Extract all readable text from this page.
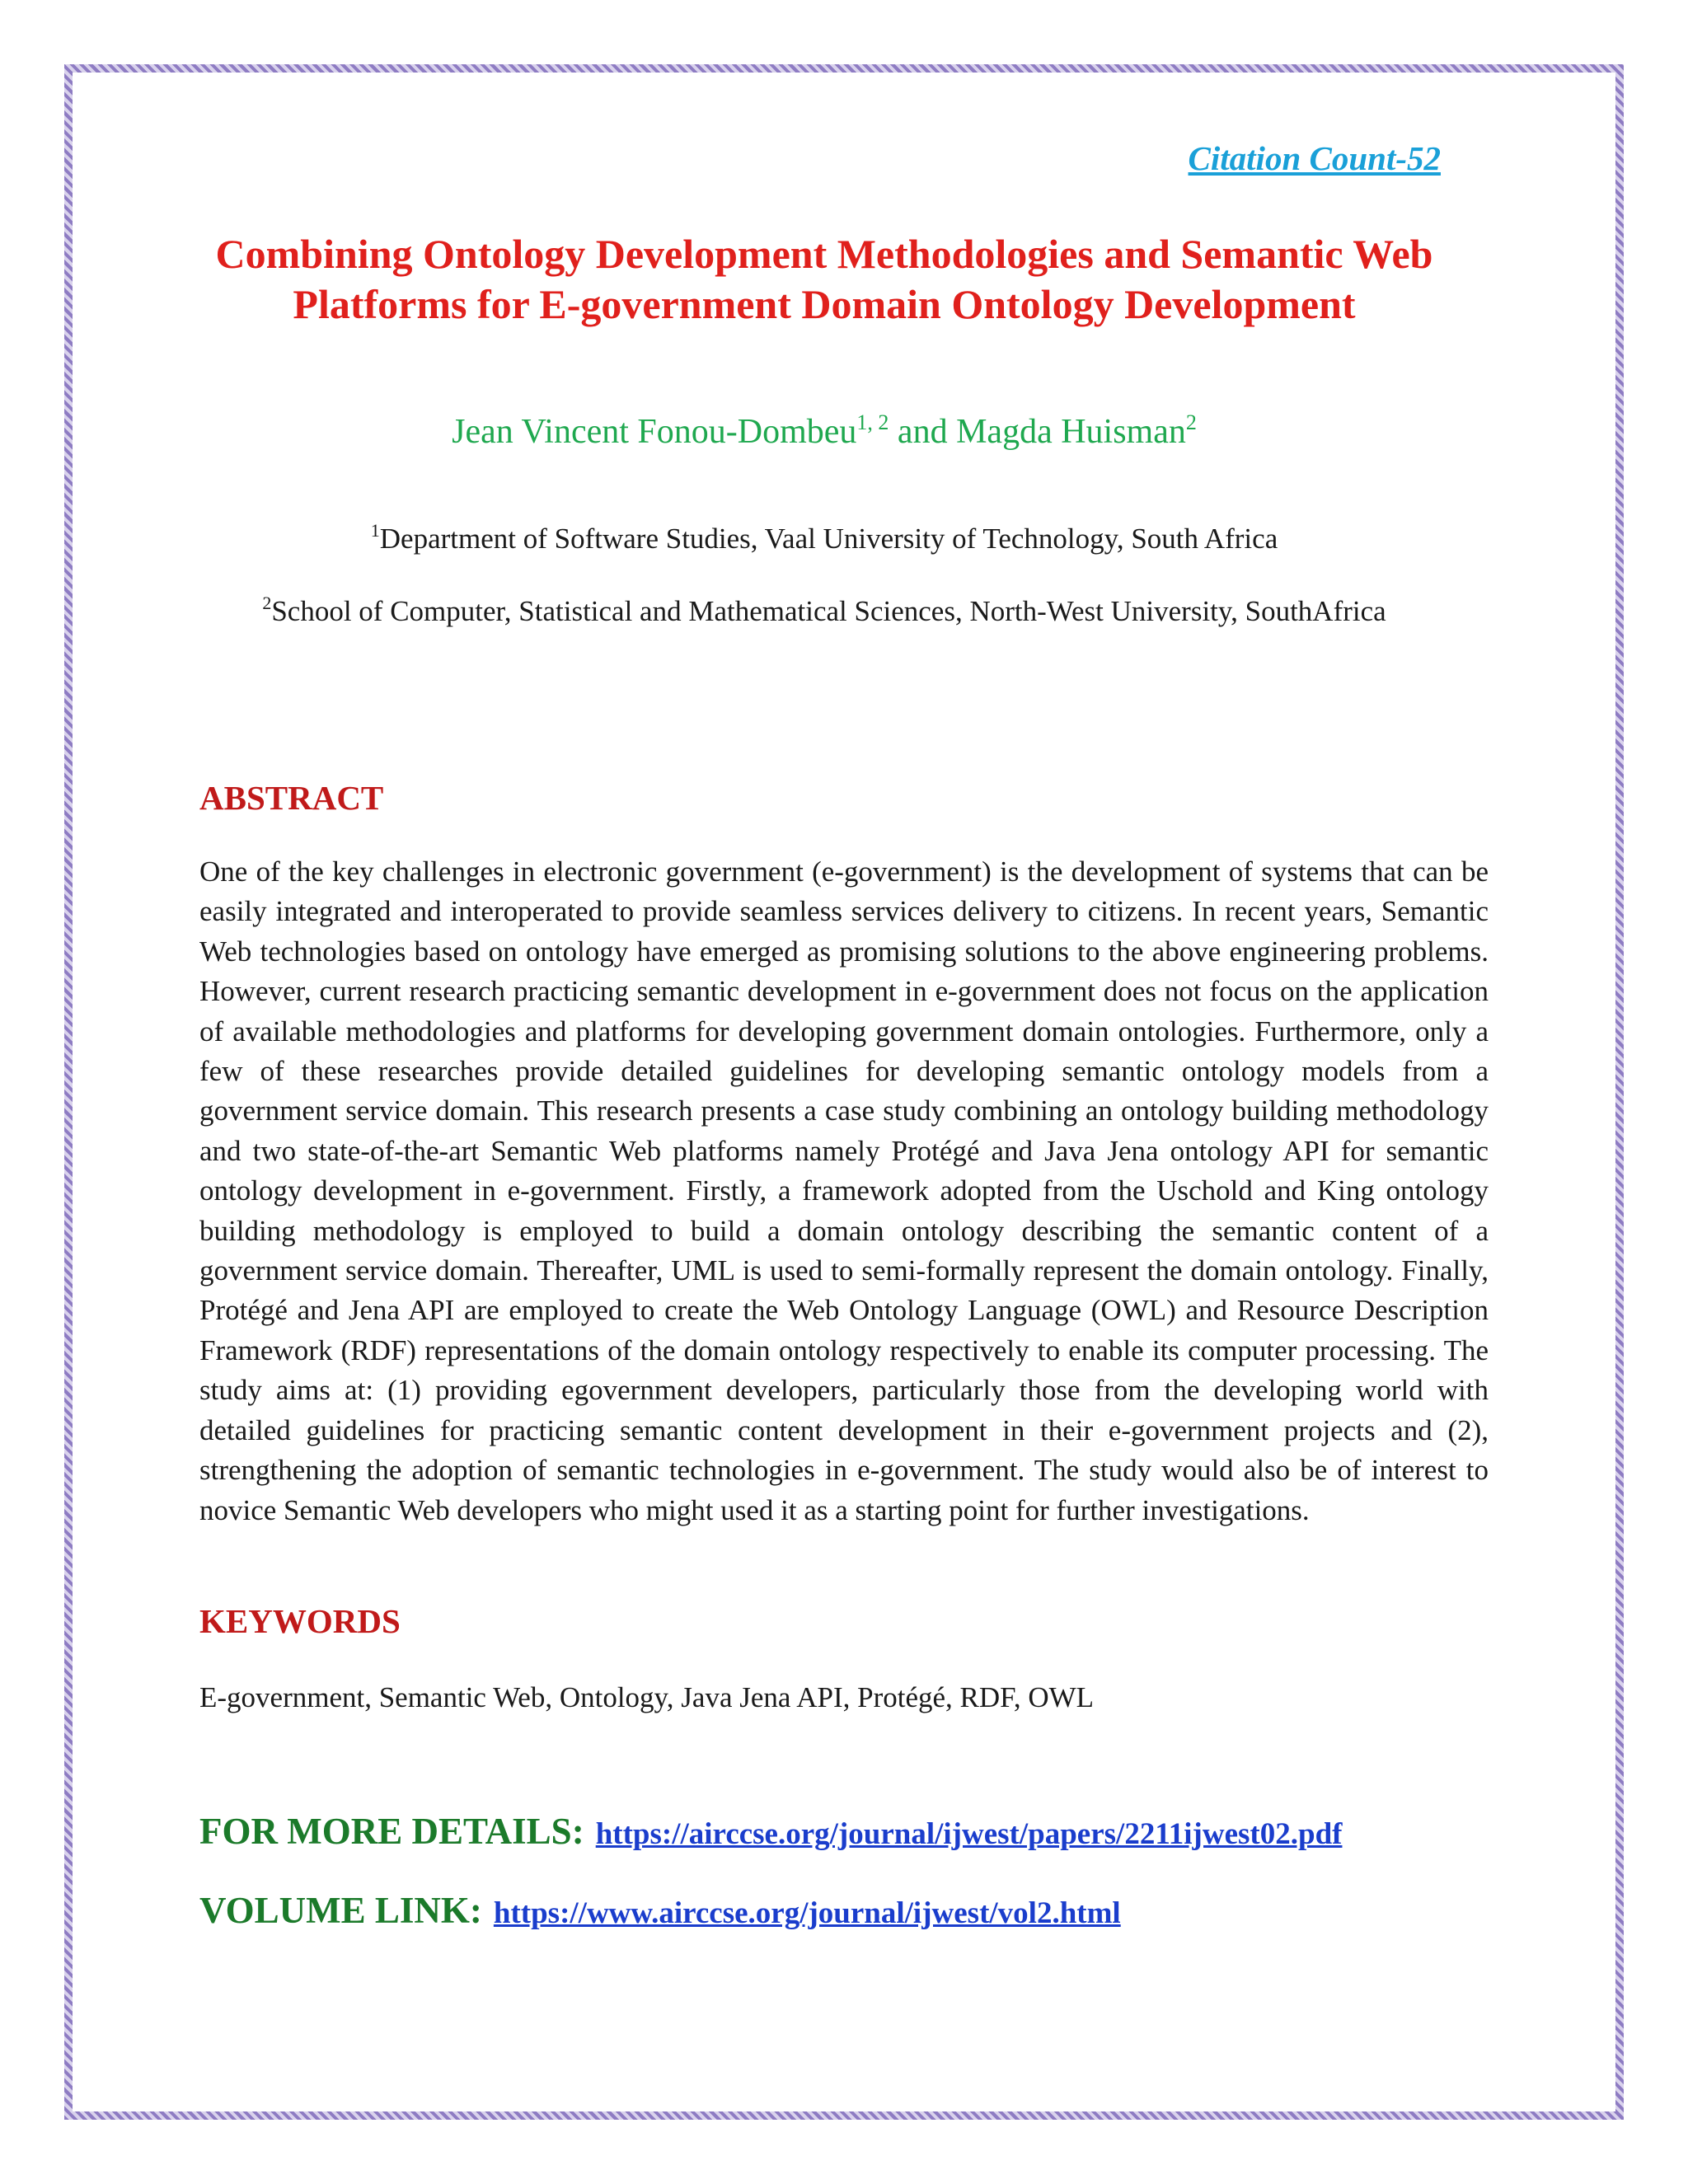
Citation Count-52
Combining Ontology Development Methodologies and Semantic Web Platforms for E-government Domain Ontology Development
Jean Vincent Fonou-Dombeu$^{1, 2}$ and Magda Huisman$^2$
$^1$Department of Software Studies, Vaal University of Technology, South Africa
$^2$School of Computer, Statistical and Mathematical Sciences, North-West University, SouthAfrica
ABSTRACT

One of the key challenges in electronic government (e-government) is the development of systems that can be easily integrated and interoperated to provide seamless services delivery to citizens. In recent years, Semantic Web technologies based on ontology have emerged as promising solutions to the above engineering problems. However, current research practicing semantic development in e-government does not focus on the application of available methodologies and platforms for developing government domain ontologies. Furthermore, only a few of these researches provide detailed guidelines for developing semantic ontology models from a government service domain. This research presents a case study combining an ontology building methodology and two state-of-the-art Semantic Web platforms namely Protégé and Java Jena ontology API for semantic ontology development in e-government. Firstly, a framework adopted from the Uschold and King ontology building methodology is employed to build a domain ontology describing the semantic content of a government service domain. Thereafter, UML is used to semi-formally represent the domain ontology. Finally, Protégé and Jena API are employed to create the Web Ontology Language (OWL) and Resource Description Framework (RDF) representations of the domain ontology respectively to enable its computer processing. The study aims at: (1) providing egovernment developers, particularly those from the developing world with detailed guidelines for practicing semantic content development in their e-government projects and (2), strengthening the adoption of semantic technologies in e-government. The study would also be of interest to novice Semantic Web developers who might used it as a starting point for further investigations.

KEYWORDS
E-government, Semantic Web, Ontology, Java Jena API, Protégé, RDF, OWL
FOR MORE DETAILS: https://airccse.org/journal/ijwest/papers/2211ijwest02.pdf
VOLUME LINK: https://www.airccse.org/journal/ijwest/vol2.html
